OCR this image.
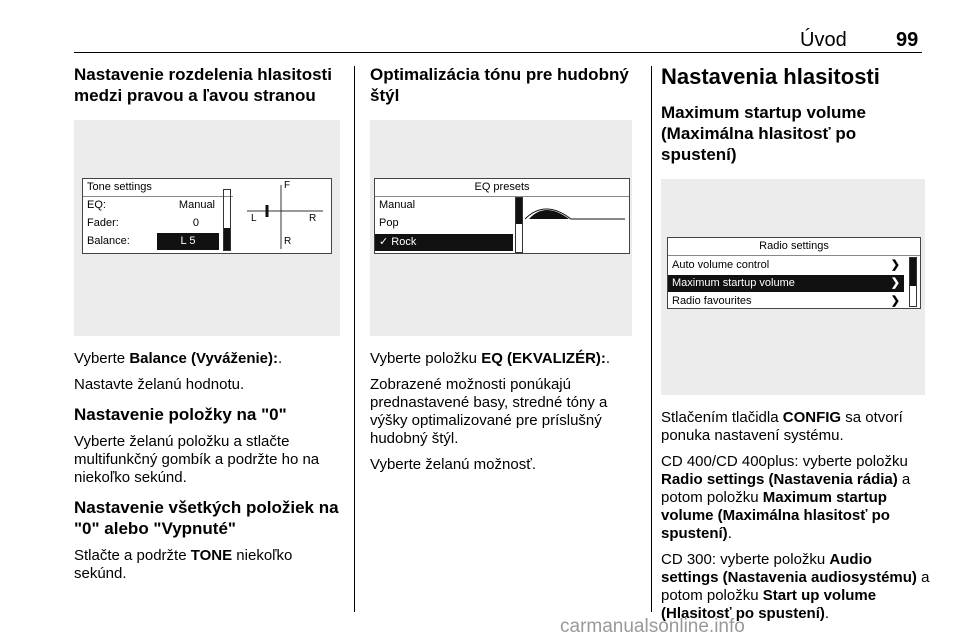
Úvod 99
Nastavenie rozdelenia hlasitosti medzi pravou a ľavou stranou
Tone settings
EQ:	Manual
Fader:	0
Balance:	L 5
F
R
L	R

Vyberte Balance (Vyváženie):.

Nastavte želanú hodnotu.

Nastavenie položky na "0"

Vyberte želanú položku a stlačte multifunkčný gombík a podržte ho na niekoľko sekúnd.

Nastavenie všetkých položiek na "0" alebo "Vypnuté"

Stlačte a podržte TONE niekoľko sekúnd.

Optimalizácia tónu pre hudobný štýl
EQ presets
Manual
Pop
✓ Rock

Vyberte položku EQ (EKVALIZÉR):.

Zobrazené možnosti ponúkajú prednastavené basy, stredné tóny a výšky optimalizované pre príslušný hudobný štýl.

Vyberte želanú možnosť.

Nastavenia hlasitosti
Maximum startup volume (Maximálna hlasitosť po spustení)
Radio settings
Auto volume control	❯
Maximum startup volume	❯
Radio favourites	❯

Stlačením tlačidla CONFIG sa otvorí ponuka nastavení systému.

CD 400/CD 400plus: vyberte položku Radio settings (Nastavenia rádia) a potom položku Maximum startup volume (Maximálna hlasitosť po spustení).

CD 300: vyberte položku Audio settings (Nastavenia audiosystému) a potom položku Start up volume (Hlasitosť po spustení).

carmanualsonline.info
